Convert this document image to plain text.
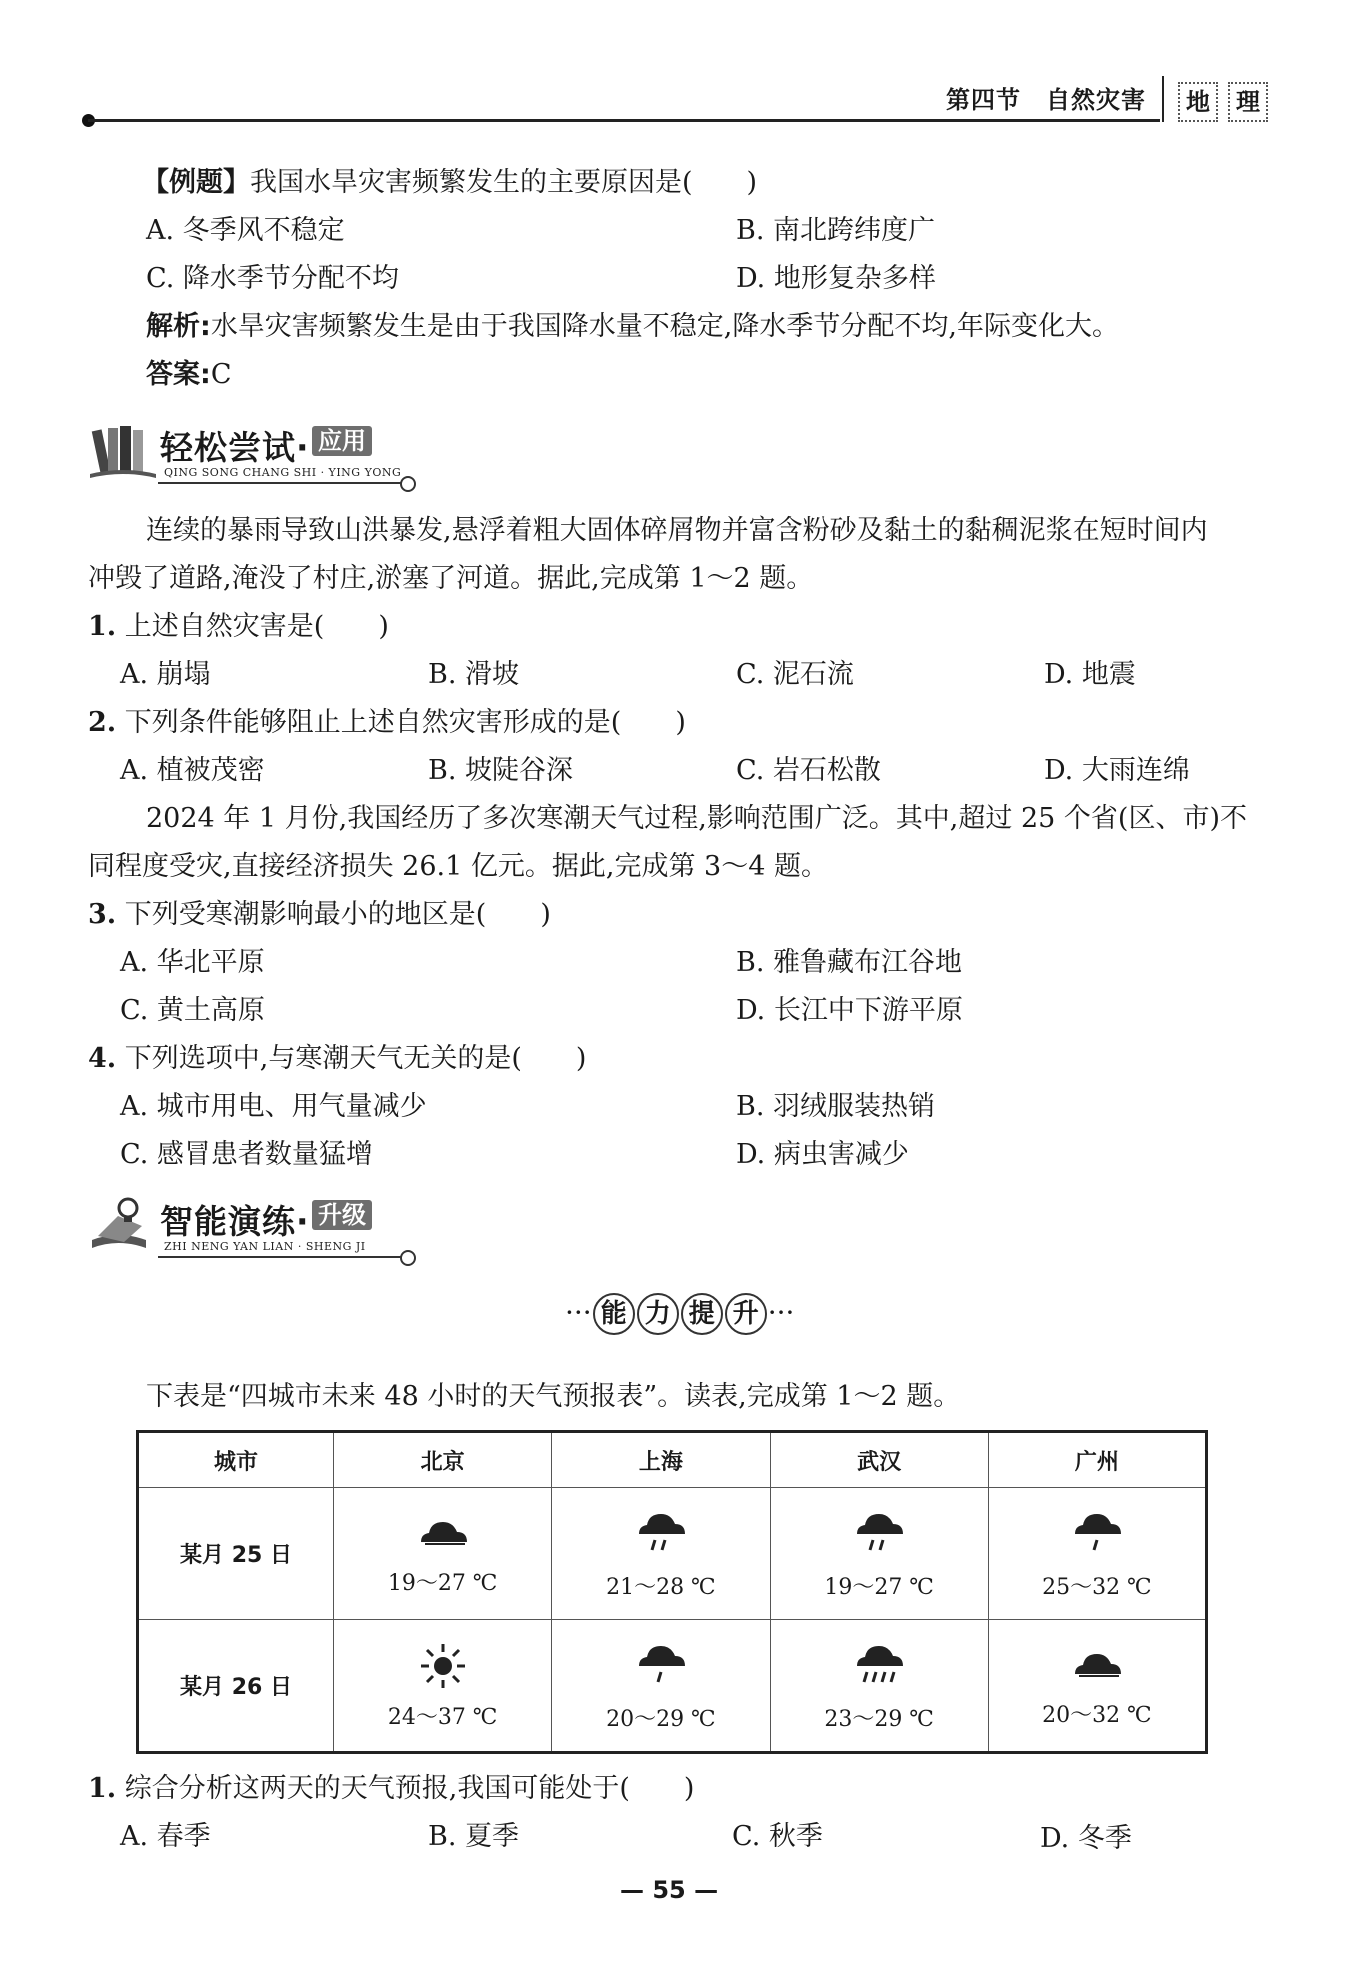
第四节　自然灾害	地	理
【例题】我国水旱灾害频繁发生的主要原因是(　　)
A. 冬季风不稳定	B. 南北跨纬度广
C. 降水季节分配不均	D. 地形复杂多样
解析:水旱灾害频繁发生是由于我国降水量不稳定,降水季节分配不均,年际变化大。
答案:C
轻松尝试· 应用
QING SONG CHANG SHI · YING YONG
连续的暴雨导致山洪暴发,悬浮着粗大固体碎屑物并富含粉砂及黏土的黏稠泥浆在短时间内
冲毁了道路,淹没了村庄,淤塞了河道。据此,完成第 1～2 题。
1. 上述自然灾害是(　　)
A. 崩塌	B. 滑坡	C. 泥石流	D. 地震
2. 下列条件能够阻止上述自然灾害形成的是(　　)
A. 植被茂密	B. 坡陡谷深	C. 岩石松散	D. 大雨连绵
2024 年 1 月份,我国经历了多次寒潮天气过程,影响范围广泛。其中,超过 25 个省(区、市)不
同程度受灾,直接经济损失 26.1 亿元。据此,完成第 3～4 题。
3. 下列受寒潮影响最小的地区是(　　)
A. 华北平原	B. 雅鲁藏布江谷地
C. 黄土高原	D. 长江中下游平原
4. 下列选项中,与寒潮天气无关的是(　　)
A. 城市用电、用气量减少	B. 羽绒服装热销
C. 感冒患者数量猛增	D. 病虫害减少
智能演练· 升级
ZHI NENG YAN LIAN · SHENG JI
··· 能 力 提 升 ···
下表是“四城市未来 48 小时的天气预报表”。读表,完成第 1～2 题。
城市	北京	上海	武汉	广州
某月 25 日	19～27 ℃	21～28 ℃	19～27 ℃	25～32 ℃

某月 26 日	24～37 ℃	20～29 ℃	23～29 ℃	20～32 ℃
1. 综合分析这两天的天气预报,我国可能处于(　　)
A. 春季	B. 夏季	C. 秋季	D. 冬季
— 55 —
